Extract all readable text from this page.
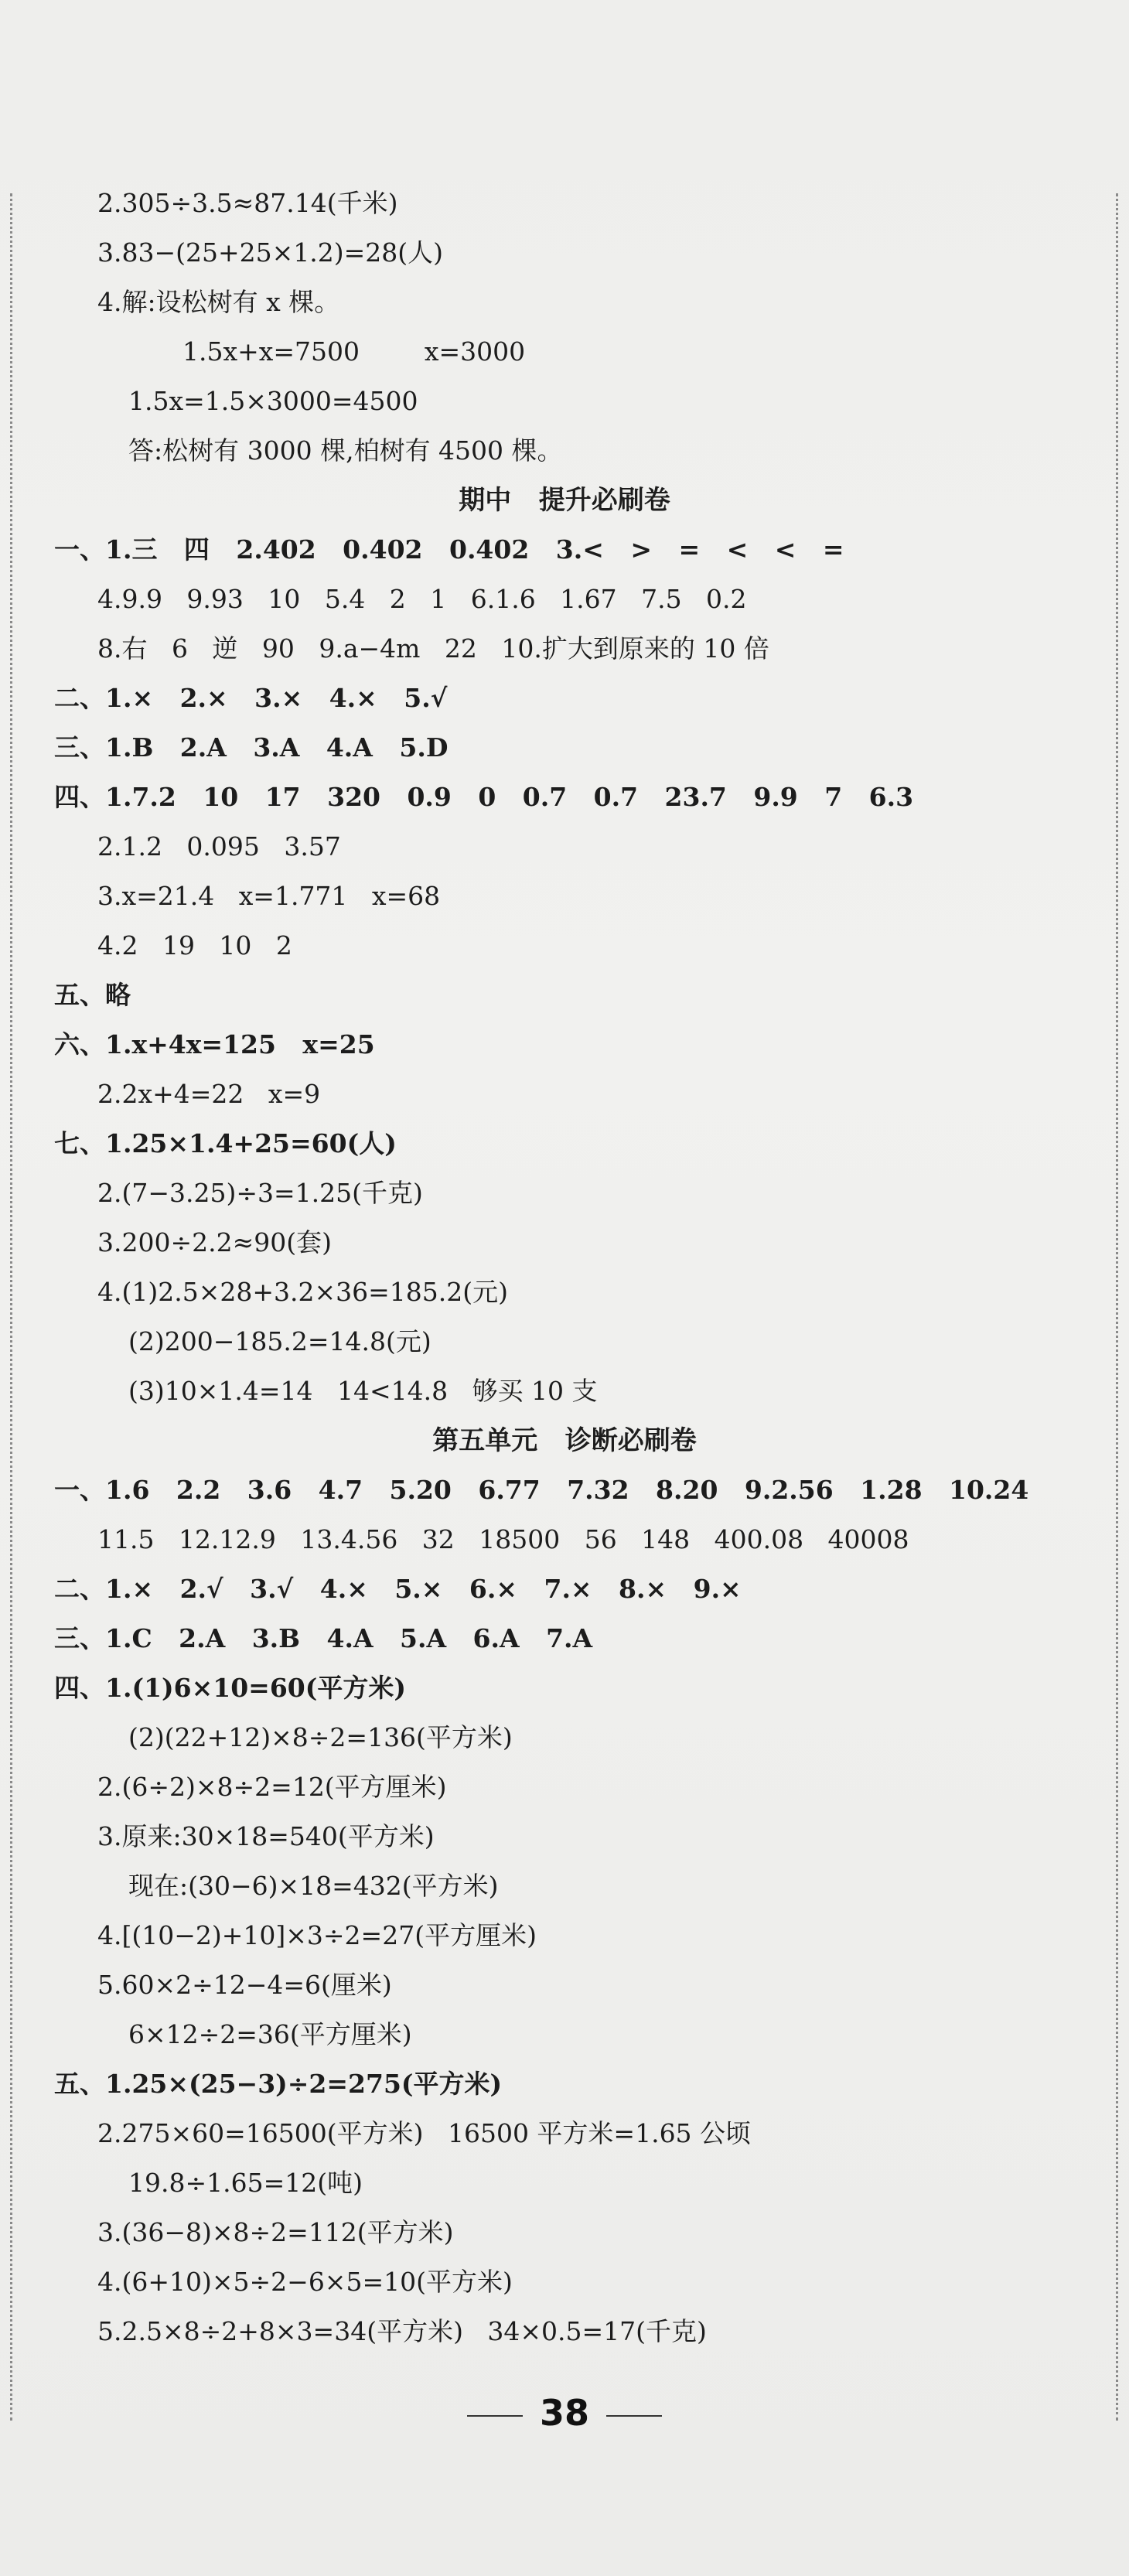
2.305÷3.5≈87.14(千米)
3.83−(25+25×1.2)=28(人)
4.解:设松树有 x 棵。
1.5x+x=7500        x=3000
1.5x=1.5×3000=4500
答:松树有 3000 棵,柏树有 4500 棵。
期中   提升必刷卷
一、1.三   四   2.402   0.402   0.402   3.<   >   =   <   <   =
4.9.9   9.93   10   5.4   2   1   6.1.6   1.67   7.5   0.2
8.右   6   逆   90   9.a−4m   22   10.扩大到原来的 10 倍
二、1.×   2.×   3.×   4.×   5.√
三、1.B   2.A   3.A   4.A   5.D
四、1.7.2   10   17   320   0.9   0   0.7   0.7   23.7   9.9   7   6.3
2.1.2   0.095   3.57
3.x=21.4   x=1.771   x=68
4.2   19   10   2
五、略
六、1.x+4x=125   x=25
2.2x+4=22   x=9
七、1.25×1.4+25=60(人)
2.(7−3.25)÷3=1.25(千克)
3.200÷2.2≈90(套)
4.(1)2.5×28+3.2×36=185.2(元)
(2)200−185.2=14.8(元)
(3)10×1.4=14   14<14.8   够买 10 支
第五单元   诊断必刷卷
一、1.6   2.2   3.6   4.7   5.20   6.77   7.32   8.20   9.2.56   1.28   10.24
11.5   12.12.9   13.4.56   32   18500   56   148   400.08   40008
二、1.×   2.√   3.√   4.×   5.×   6.×   7.×   8.×   9.×
三、1.C   2.A   3.B   4.A   5.A   6.A   7.A
四、1.(1)6×10=60(平方米)
(2)(22+12)×8÷2=136(平方米)
2.(6÷2)×8÷2=12(平方厘米)
3.原来:30×18=540(平方米)
现在:(30−6)×18=432(平方米)
4.[(10−2)+10]×3÷2=27(平方厘米)
5.60×2÷12−4=6(厘米)
6×12÷2=36(平方厘米)
五、1.25×(25−3)÷2=275(平方米)
2.275×60=16500(平方米)   16500 平方米=1.65 公顷
19.8÷1.65=12(吨)
3.(36−8)×8÷2=112(平方米)
4.(6+10)×5÷2−6×5=10(平方米)
5.2.5×8÷2+8×3=34(平方米)   34×0.5=17(千克)
38
